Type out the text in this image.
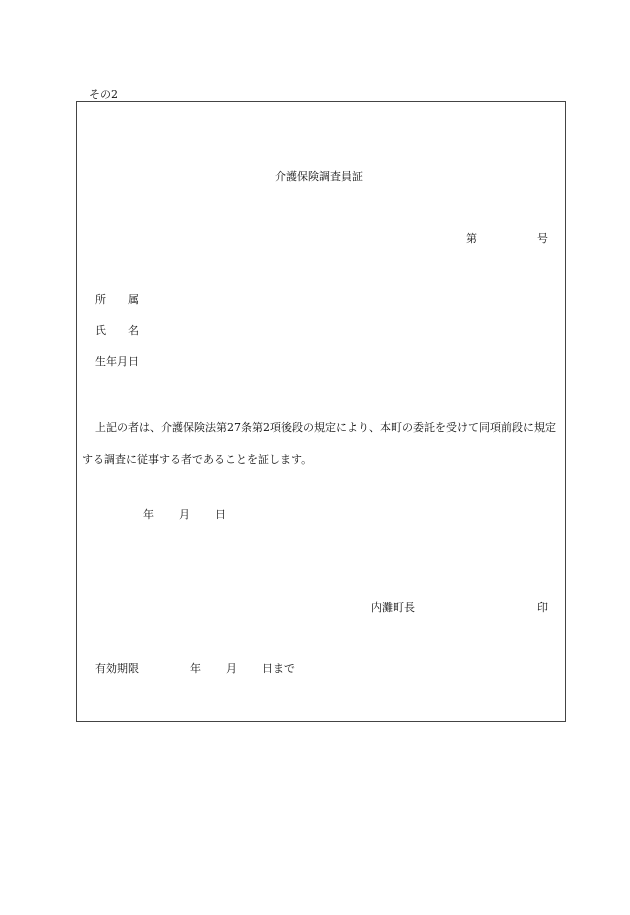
その2
介護保険調査員証
第	号
所　　属
氏　　名
生年月日
上記の者は、介護保険法第27条第2項後段の規定により、本町の委託を受けて同項前段に規定する調査に従事する者であることを証します。
年 月 日
内灘町長	印
有効期限	年 月 日まで
